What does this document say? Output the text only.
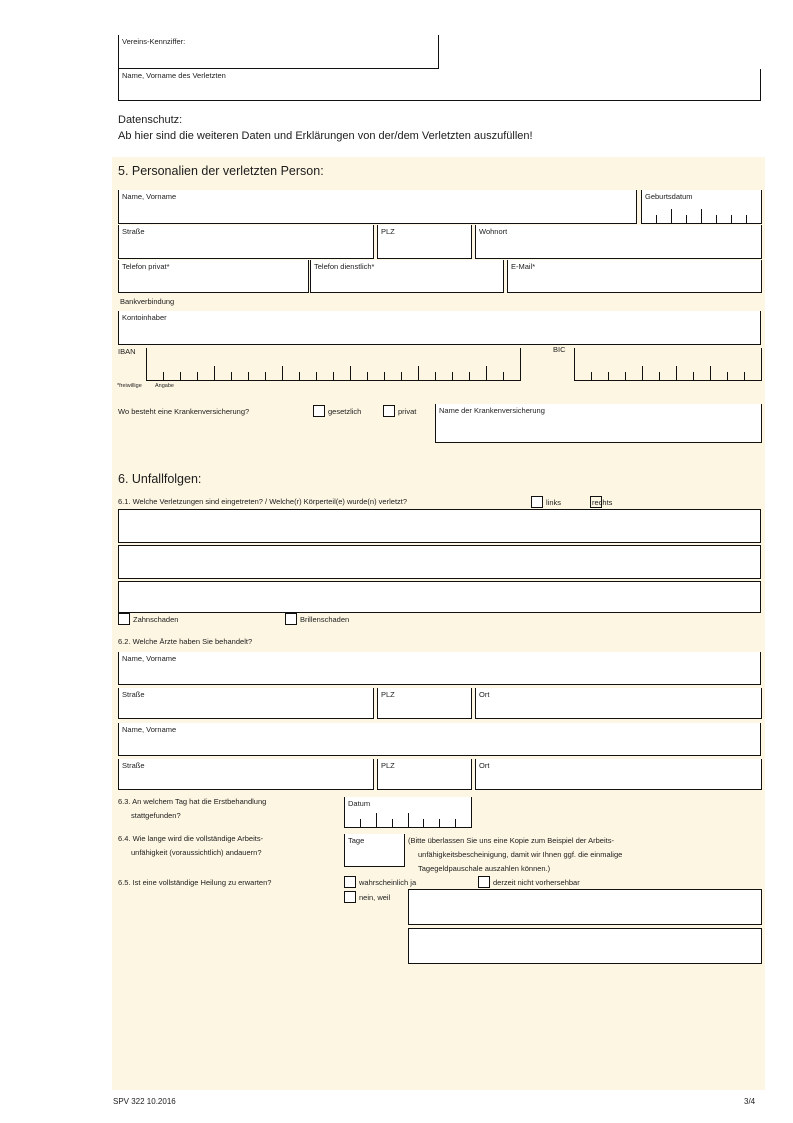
Vereins-Kennziffer:
Name, Vorname des Verletzten
Datenschutz:
Ab hier sind die weiteren Daten und Erklärungen von der/dem Verletzten auszufüllen!
5. Personalien der verletzten Person:
Name, Vorname	Geburtsdatum
Straße	PLZ	Wohnort
Telefon privat*	Telefon dienstlich*	E-Mail*
Bankverbindung
Kontoinhaber
IBAN	BIC
*freiwillige Angabe
Wo besteht eine Krankenversicherung?	gesetzlich	privat	Name der Krankenversicherung
6. Unfallfolgen:
6.1. Welche Verletzungen sind eingetreten? / Welche(r) Körperteil(e) wurde(n) verletzt?	links	rechts
Zahnschaden	Brillenschaden
6.2. Welche Ärzte haben Sie behandelt?
Name, Vorname
Straße	PLZ	Ort
Name, Vorname
Straße	PLZ	Ort
6.3. An welchem Tag hat die Erstbehandlung
stattgefunden?
Datum
6.4. Wie lange wird die vollständige Arbeits-
unfähigkeit (voraussichtlich) andauern?
Tage	(Bitte überlassen Sie uns eine Kopie zum Beispiel der Arbeits-
unfähigkeitsbescheinigung, damit wir Ihnen ggf. die einmalige
Tagegeldpauschale auszahlen können.)
6.5. Ist eine vollständige Heilung zu erwarten?	wahrscheinlich ja	derzeit nicht vorhersehbar
nein, weil
SPV 322 10.2016	3/4
